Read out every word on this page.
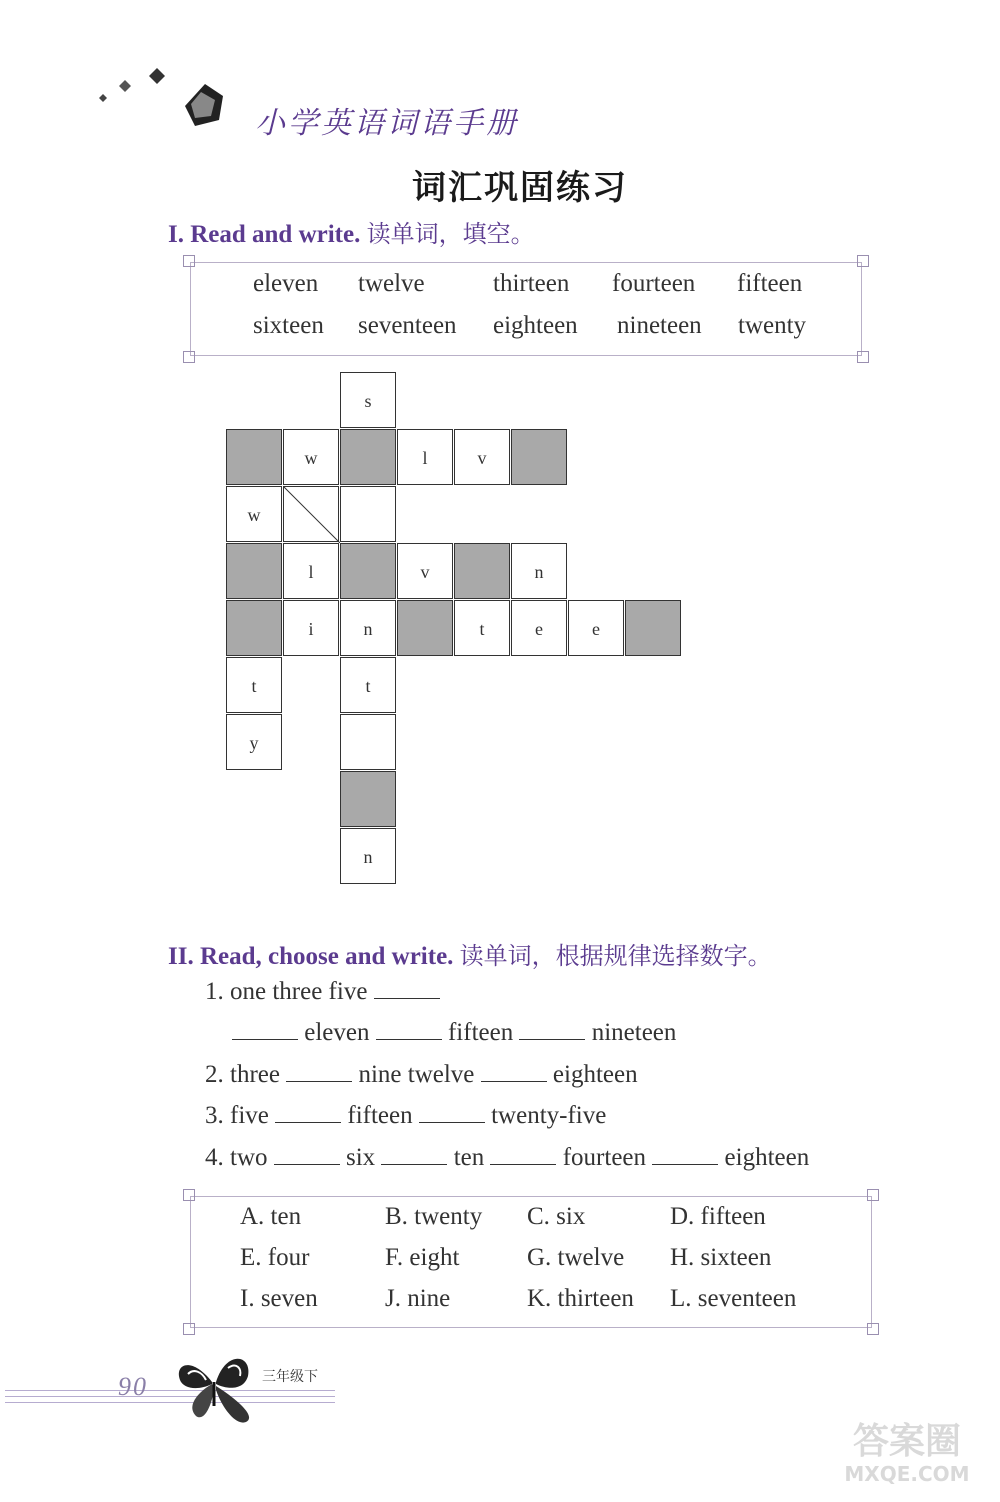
小学英语词语手册
词汇巩固练习
I. Read and write. 读单词，填空。
eleven twelve	thirteen fourteen fifteen
sixteen seventeen eighteen nineteen twenty
s
w	l	v
w
l	v	n
i	n	t	e	e
t	t
y
n
II. Read, choose and write. 读单词，根据规律选择数字。
1. one three five
eleven	fifteen	nineteen
2. three	nine twelve	eighteen
3. five	fifteen	twenty-five
4. two	six	ten	fourteen	eighteen
A. ten	B. twenty C. six	D. fifteen
E. four	F. eight	G. twelve H. sixteen
I. seven	J. nine	K. thirteen L. seventeen
90	三年级下
答案圈
MXQE.COM
